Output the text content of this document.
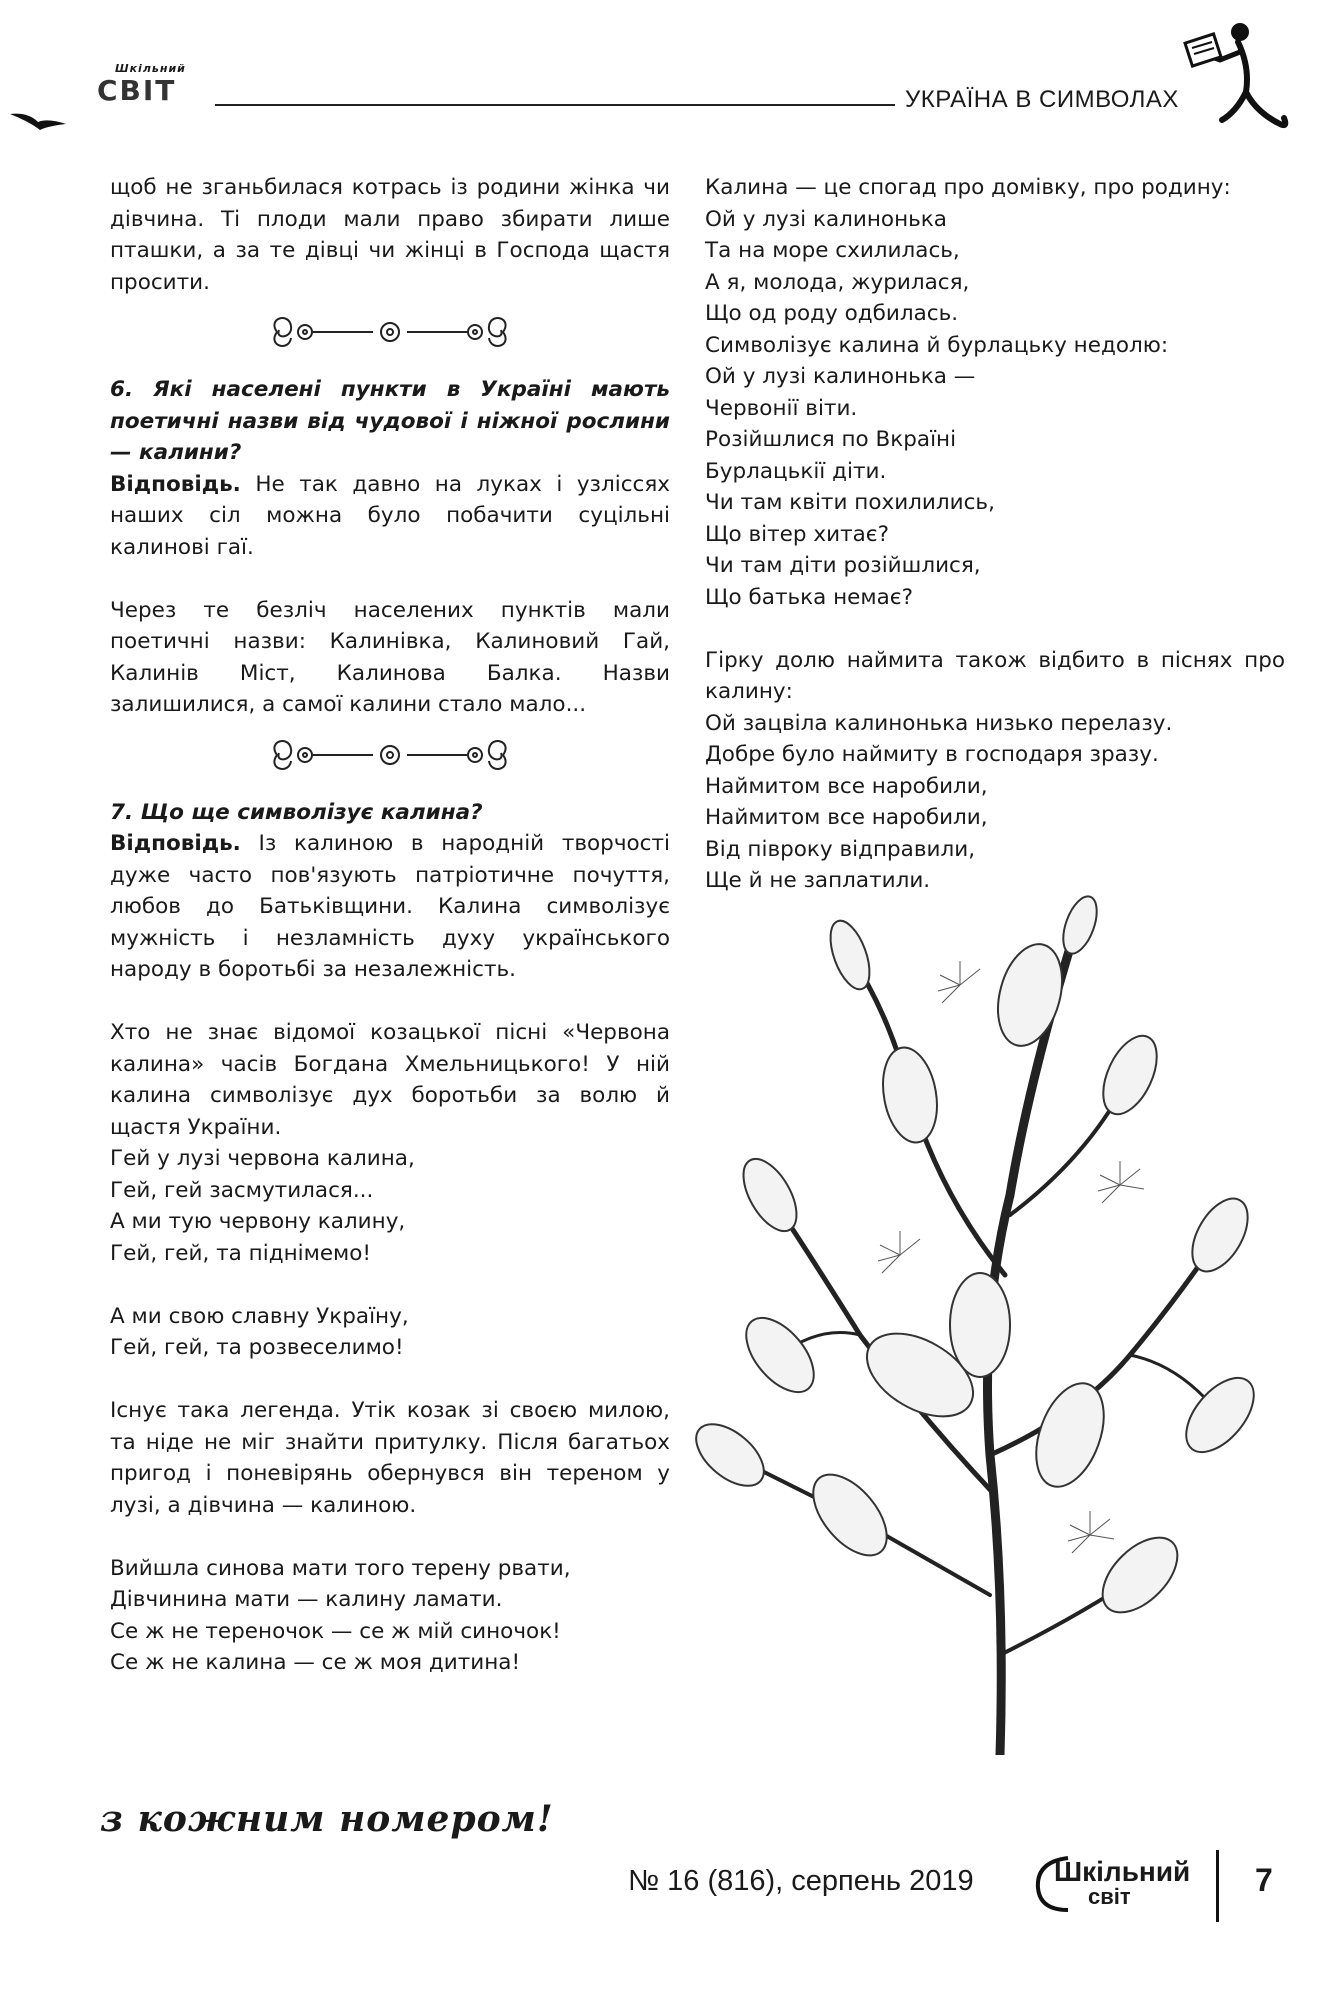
Шкільний
СВІТ	УКРАЇНА В СИМВОЛАХ

щоб не зганьбилася котрась із родини жінка чи дівчина. Ті плоди мали право збирати лише пташки, а за те дівці чи жінці в Господа щастя просити.

6. Які населені пункти в Україні мають поетичні назви від чудової і ніжної рослини — калини?

Відповідь. Не так давно на луках і узліссях наших сіл можна було побачити суцільні калинові гаї.

Через те безліч населених пунктів мали поетичні назви: Калинівка, Калиновий Гай, Калинів Міст, Калинова Балка. Назви залишилися, а самої калини стало мало...

7. Що ще символізує калина?

Відповідь. Із калиною в народній творчості дуже часто пов'язують патріотичне почуття, любов до Батьківщини. Калина символізує мужність і незламність духу українського народу в боротьбі за незалежність.

Хто не знає відомої козацької пісні «Червона калина» часів Богдана Хмельницького! У ній калина символізує дух боротьби за волю й щастя України.

Гей у лузі червона калина,

Гей, гей засмутилася...

А ми тую червону калину,

Гей, гей, та піднімемо!

А ми свою славну Україну,

Гей, гей, та розвеселимо!

Існує така легенда. Утік козак зі своєю милою, та ніде не міг знайти притулку. Після багатьох пригод і поневірянь обернувся він тереном у лузі, а дівчина — калиною.

Вийшла синова мати того терену рвати,

Дівчинина мати — калину ламати.

Се ж не тереночок — се ж мій синочок!

Се ж не калина — се ж моя дитина!

Калина — це спогад про домівку, про родину:

Ой у лузі калинонька

Та на море схилилась,

А я, молода, журилася,

Що од роду одбилась.

Символізує калина й бурлацьку недолю:

Ой у лузі калинонька —

Червонії віти.

Розійшлися по Вкраїні

Бурлацькії діти.

Чи там квіти похилились,

Що вітер хитає?

Чи там діти розійшлися,

Що батька немає?

Гірку долю наймита також відбито в піснях про калину:

Ой зацвіла калинонька низько перелазу.

Добре було наймиту в господаря зразу.

Наймитом все наробили,

Наймитом все наробили,

Від півроку відправили,

Ще й не заплатили.

з кожним номером!
№ 16 (816), серпень 2019	Шкільний
світ	7
